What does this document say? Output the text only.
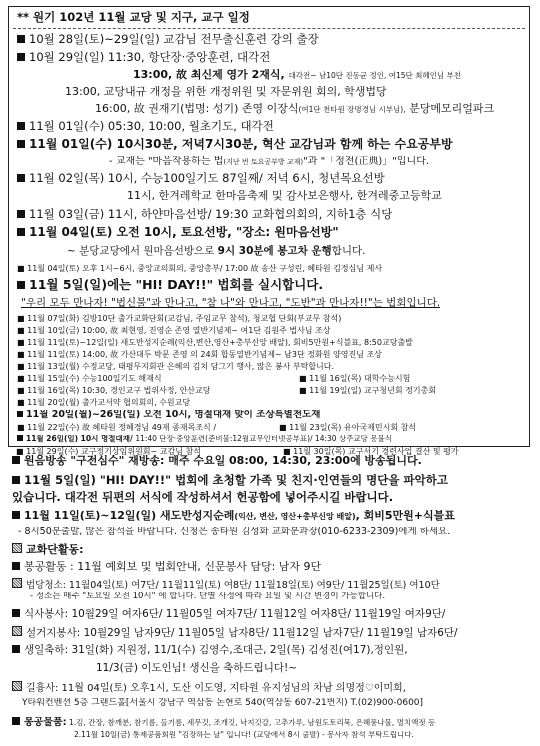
** 원기 102년 11월 교당 및 지구, 교구 일정
10월 28일(토)~29일(일) 교감님 전무출신훈련 강의 출장
10월 29일(일) 11:30, 항단장·중앙훈련, 대각전
13:00, 故 최신제 영가 2재식, 대각전~ 남10단 진동균 정인, 여15단 최혜인님 부친
13:00, 교당내규 개정을 위한 개정위원 및 자문위원 회의, 학생법당
16:00, 故 권재기(법명: 성기) 존영 이장식(여1단 천타원 장명경님 시부님), 분당메모리얼파크
11월 01일(수) 05:30, 10:00, 월초기도, 대각전
11월 01일(수) 10시30분, 저녁7시30분, 혁산 교감님과 함께 하는 수요공부방
- 교재는 "마음작용하는 법(지난 번 토요공부방 교재)"과 "「정전(正典)」"입니다.
11월 02일(목) 10시, 수능100일기도 87일째/ 저녁 6시, 청년목요선방
11시, 한겨레학교 한마음축제 및 감사보은행사, 한겨레중고등학교
11월 03일(금) 11시, 하얀마음선방/ 19:30 교화협의회의, 지하1층 식당
11월 04일(토) 오전 10시, 토요선방, "장소: 원마음선방"
~ 분당교당에서 원마음선방으로 9시 30분에 봉고차 운행합니다.
■ 11월 04일(토) 오후 1시~6시, 중앙교의회의, 중앙총부/ 17:00 故 송산 구성린, 혜타원 김정심님 제사
11월 5일(일)에는 "HI! DAY!!" 법회를 실시합니다.
"우리 모두 만나자! "법신불"과 만나고, "참 나"와 만나고, "도반"과 만나자!!"는 법회입니다.
■ 11월 07일(화) 김방10단 출가교화단회(교감님, 주임교무 참석), 청교협 단회(부교무 참석)
■ 11월 10일(금) 10:00, 故 최현영, 진영순 존영 열반기념제~ 여1단 김원주 법사님 조상
■ 11월 11일(토)~12일(일) 새도반성지순례(익산,변산,영산+총부신앙 배알), 회비5만원+식블표, 8:50교당출발
■ 11월 11일(토) 14:00, 故 가산대두 박문 존영 의 24회 합동열반기념제~ 남3단 정화원 양영진님 조상
■ 11월 13일(월) 수정교당, 태평무지회관 은혜의 김치 담그기 행사, 많은 봉사 부탁합니다.
■ 11월 15일(수) 수능100일기도 해재식	■ 11월 16일(목) 대학수능시험
■ 11월 16일(목) 10:30, 경인교구 법위사정, 안산교당	■ 11월 19일(일) 교구청년회 정기총회
■ 11월 20일(월) 출가교서약 협의회의, 수원교당
11월 20일(월)~26일(일) 오전 10시, 명절대재 맞이 조상특별천도재
■ 11월 22일(수) 故 혜타원 정혜경님 49재 종재목조식 /	■ 11월 23일(목) 유아국제민시회 참석
11월 26일(일) 10시 명절대재/ 11:40 단장·중앙훈련(준비물:12월교무인터넷공부표)/ 14:30 상주교당 봉불식
■ 11월 29일(수) 교구정기상임위원회~ 교감님 참석	■ 11월 30일(목) 교구서기 경련사업 결산 및 평가
원음방송 "구전심수" 재방송: 매주 수요일 08:00, 14:30, 23:00에 방송됩니다.
11월 5일(일) "HI! DAY!!" 법회에 초청할 가족 및 친지·인연들의 명단을 파악하고
있습니다. 대각전 뒤편의 서식에 작성하셔서 헌공함에 넣어주시길 바랍니다.
11월 11일(토)~12일(일) 새도반성지순례(익산, 변산, 영산+총부신앙 배알), 회비5만원+식블표
- 8시50분출발, 많은 참석을 바랍니다. 신청은 송타원 김성화 교화분과장(010-6233-2309)에게 하세요.
교화단활동:
봉공활동 : 11월 예회보 및 법회안내, 신문봉사 담당: 남자 9단
법당청소: 11월04일(토) 여7단/ 11월11일(토) 여8단/ 11월18일(토) 여9단/ 11월25일(토) 여10단
- 정소는 매주 "토요일 오전 10시" 에 합니다. 단별 사정에 따라 요일 및 시간 변경이 가능합니다.
식사봉사: 10월29일 여자6단/ 11월05일 여자7단/ 11월12일 여자8단/ 11월19일 여자9단/
설거지봉사: 10월29일 남자9단/ 11월05일 남자8단/ 11월12일 남자7단/ 11월19일 남자6단/
생일축하: 31일(화) 지원정, 11/1(수) 김영수,조대근, 2일(목) 김성진(여17),정인원,
11/3(금) 이도인님! 생신을 축하드립니다!~
길흉사: 11월 04일(토) 오후1시, 도산 이도영, 지타원 유지성님의 차남 의명정♡이미희,
Y타워컨벤션 5층 그랜드홀[서울시 강남구 역삼동 논현로 540(역삼동 607-21번지) T.(02)900-0600]
봉공물품: 1.김, 간장, 참깨분, 참기름, 들기름, 세무깃, 조개깃, 낙지깃갈, 고추가루, 남원도토리묵, 은혜풍나물, 멸치액젓 등
2.11월 10일(금) 통제공품회원 "김장하는 날" 입니다! (교당에서 8시 출발) - 봉사자 참석 부탁드립니다.
